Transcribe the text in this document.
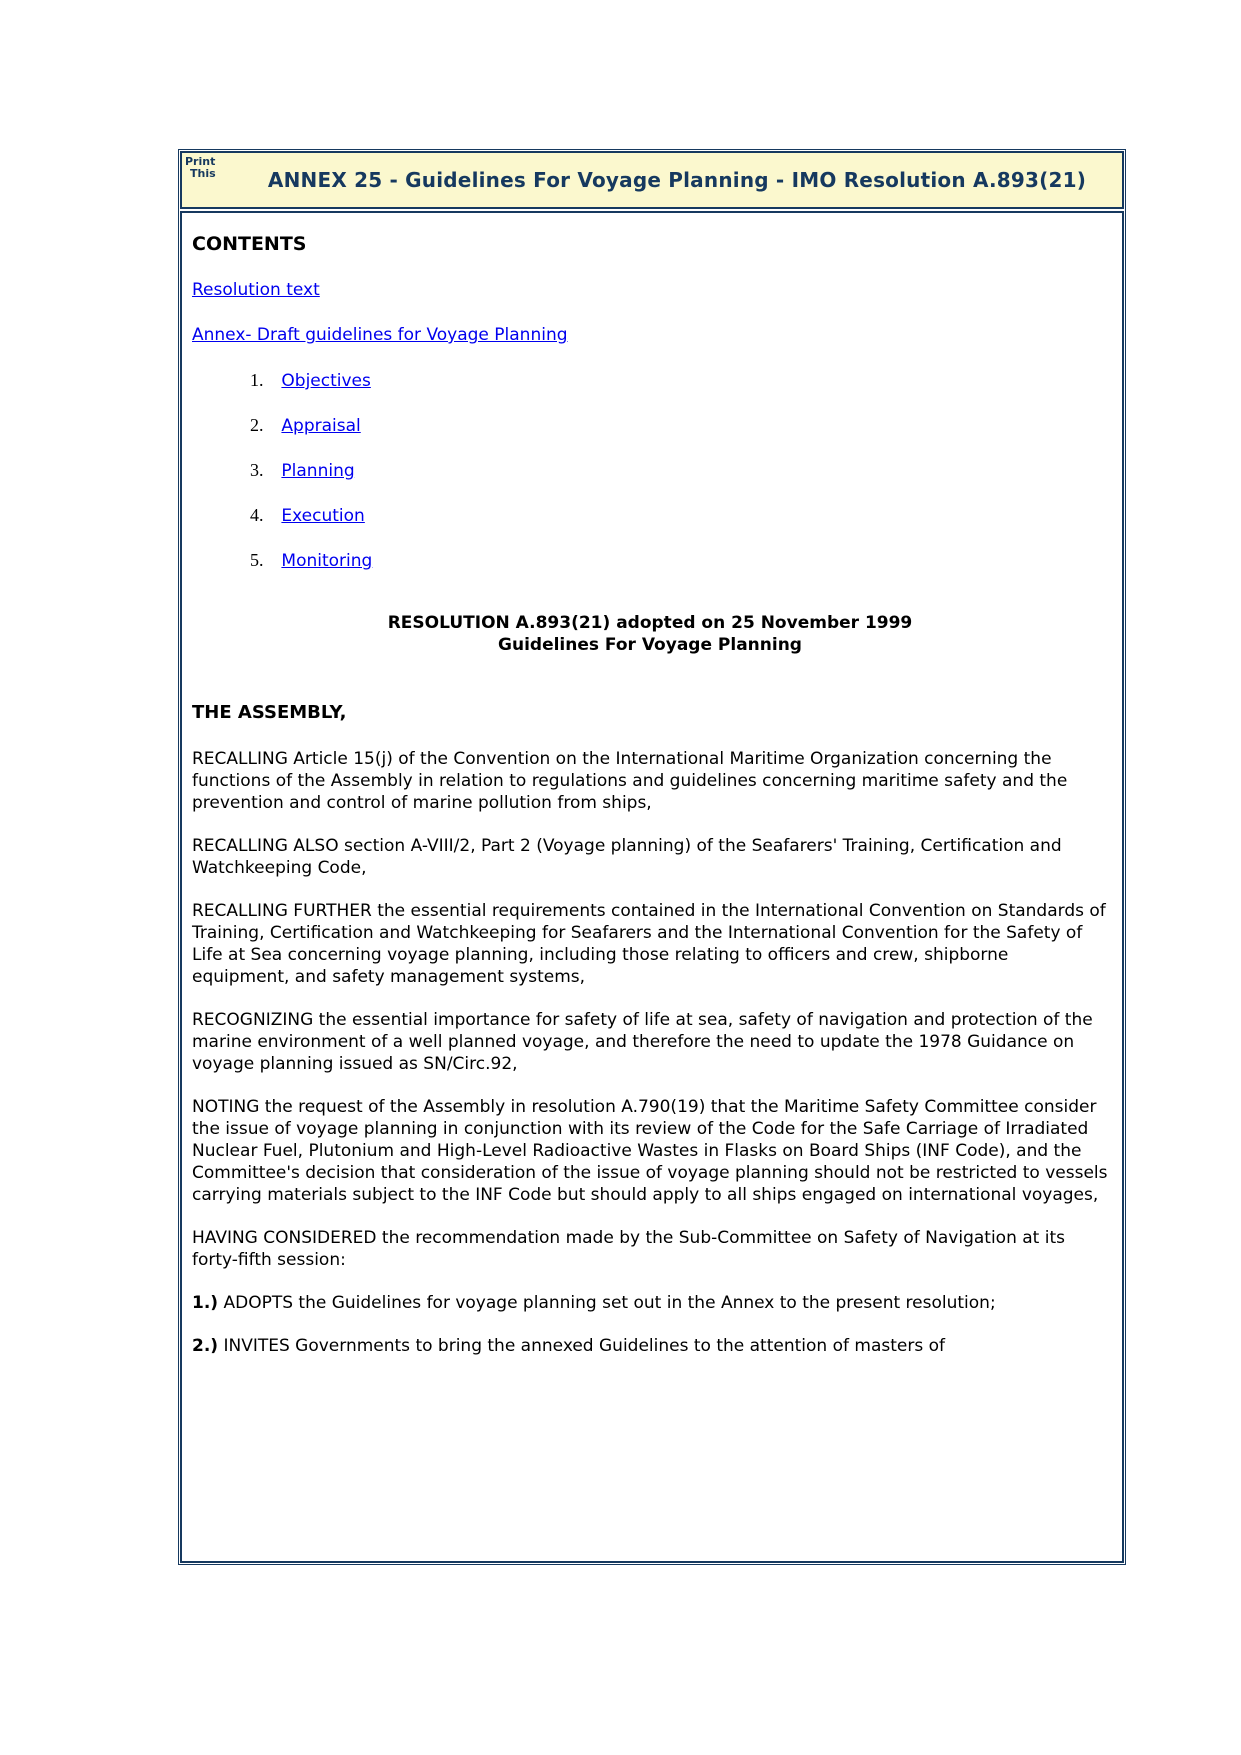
Print
This	ANNEX 25 - Guidelines For Voyage Planning - IMO Resolution A.893(21)
CONTENTS

Resolution text

Annex- Draft guidelines for Voyage Planning

1. Objectives
2. Appraisal
3. Planning
4. Execution
5. Monitoring
RESOLUTION A.893(21) adopted on 25 November 1999
Guidelines For Voyage Planning
THE ASSEMBLY,

RECALLING Article 15(j) of the Convention on the International Maritime Organization concerning the functions of the Assembly in relation to regulations and guidelines concerning maritime safety and the prevention and control of marine pollution from ships,

RECALLING ALSO section A-VIII/2, Part 2 (Voyage planning) of the Seafarers' Training, Certification and Watchkeeping Code,

RECALLING FURTHER the essential requirements contained in the International Convention on Standards of Training, Certification and Watchkeeping for Seafarers and the International Convention for the Safety of Life at Sea concerning voyage planning, including those relating to officers and crew, shipborne equipment, and safety management systems,

RECOGNIZING the essential importance for safety of life at sea, safety of navigation and protection of the marine environment of a well planned voyage, and therefore the need to update the 1978 Guidance on voyage planning issued as SN/Circ.92,

NOTING the request of the Assembly in resolution A.790(19) that the Maritime Safety Committee consider the issue of voyage planning in conjunction with its review of the Code for the Safe Carriage of Irradiated Nuclear Fuel, Plutonium and High-Level Radioactive Wastes in Flasks on Board Ships (INF Code), and the Committee's decision that consideration of the issue of voyage planning should not be restricted to vessels carrying materials subject to the INF Code but should apply to all ships engaged on international voyages,

HAVING CONSIDERED the recommendation made by the Sub-Committee on Safety of Navigation at its forty-fifth session:

1.) ADOPTS the Guidelines for voyage planning set out in the Annex to the present resolution;

2.) INVITES Governments to bring the annexed Guidelines to the attention of masters of
